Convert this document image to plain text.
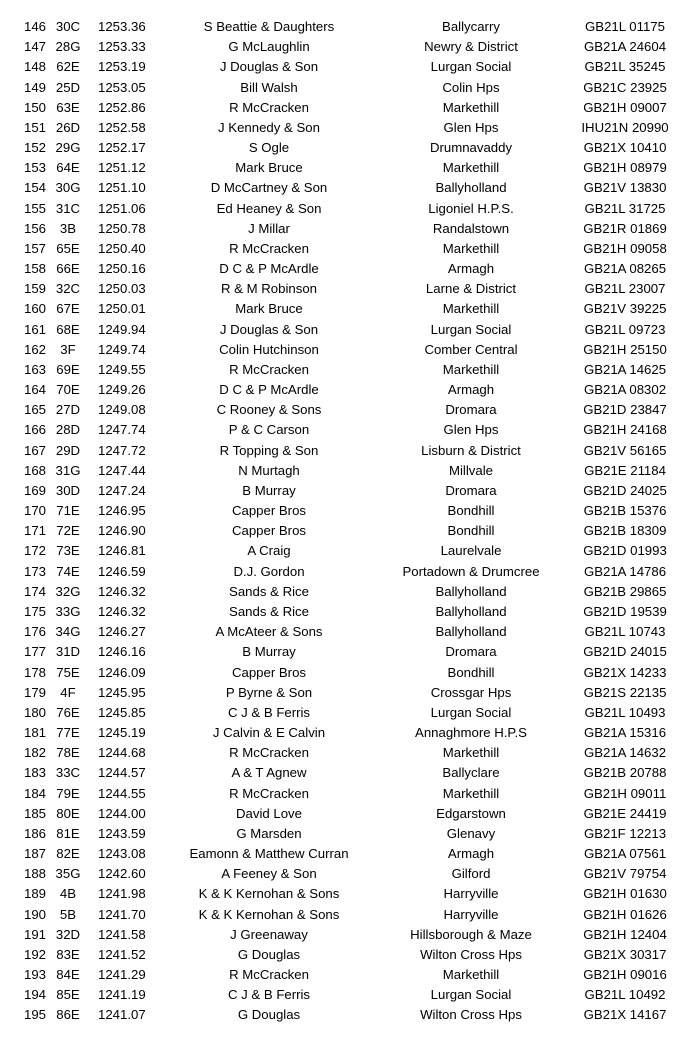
146 30C	1253.36	S Beattie & Daughters	Ballycarry	GB21L 01175
147 28G	1253.33	G McLaughlin	Newry & District	GB21A 24604
148 62E	1253.19	J Douglas & Son	Lurgan Social	GB21L 35245
149 25D	1253.05	Bill Walsh	Colin Hps	GB21C 23925
150 63E	1252.86	R McCracken	Markethill	GB21H 09007
151 26D	1252.58	J Kennedy & Son	Glen Hps	IHU21N 20990
152 29G	1252.17	S Ogle	Drumnavaddy	GB21X 10410
153 64E	1251.12	Mark Bruce	Markethill	GB21H 08979
154 30G	1251.10	D McCartney & Son	Ballyholland	GB21V 13830
155 31C	1251.06	Ed Heaney & Son	Ligoniel H.P.S.	GB21L 31725
156	3B	1250.78	J Millar	Randalstown	GB21R 01869
157 65E	1250.40	R McCracken	Markethill	GB21H 09058
158 66E	1250.16	D C & P McArdle	Armagh	GB21A 08265
159 32C	1250.03	R & M Robinson	Larne & District	GB21L 23007
160 67E	1250.01	Mark Bruce	Markethill	GB21V 39225
161 68E	1249.94	J Douglas & Son	Lurgan Social	GB21L 09723
162	3F	1249.74	Colin Hutchinson	Comber Central	GB21H 25150
163 69E	1249.55	R McCracken	Markethill	GB21A 14625
164 70E	1249.26	D C & P McArdle	Armagh	GB21A 08302
165 27D	1249.08	C Rooney & Sons	Dromara	GB21D 23847
166 28D	1247.74	P & C Carson	Glen Hps	GB21H 24168
167 29D	1247.72	R Topping & Son	Lisburn & District	GB21V 56165
168 31G	1247.44	N Murtagh	Millvale	GB21E 21184
169 30D	1247.24	B Murray	Dromara	GB21D 24025
170 71E	1246.95	Capper Bros	Bondhill	GB21B 15376
171 72E	1246.90	Capper Bros	Bondhill	GB21B 18309
172 73E	1246.81	A Craig	Laurelvale	GB21D 01993
173 74E	1246.59	D.J. Gordon	Portadown & Drumcree	GB21A 14786
174 32G	1246.32	Sands & Rice	Ballyholland	GB21B 29865
175 33G	1246.32	Sands & Rice	Ballyholland	GB21D 19539
176 34G	1246.27	A McAteer & Sons	Ballyholland	GB21L 10743
177 31D	1246.16	B Murray	Dromara	GB21D 24015
178 75E	1246.09	Capper Bros	Bondhill	GB21X 14233
179	4F	1245.95	P Byrne & Son	Crossgar Hps	GB21S 22135
180 76E	1245.85	C J & B Ferris	Lurgan Social	GB21L 10493
181 77E	1245.19	J Calvin & E Calvin	Annaghmore H.P.S	GB21A 15316
182 78E	1244.68	R McCracken	Markethill	GB21A 14632
183 33C	1244.57	A & T Agnew	Ballyclare	GB21B 20788
184 79E	1244.55	R McCracken	Markethill	GB21H 09011
185 80E	1244.00	David Love	Edgarstown	GB21E 24419
186 81E	1243.59	G Marsden	Glenavy	GB21F 12213
187 82E	1243.08	Eamonn & Matthew Curran	Armagh	GB21A 07561
188 35G	1242.60	A Feeney & Son	Gilford	GB21V 79754
189	4B	1241.98	K & K Kernohan & Sons	Harryville	GB21H 01630
190	5B	1241.70	K & K Kernohan & Sons	Harryville	GB21H 01626
191 32D	1241.58	J Greenaway	Hillsborough & Maze	GB21H 12404
192 83E	1241.52	G Douglas	Wilton Cross Hps	GB21X 30317
193 84E	1241.29	R McCracken	Markethill	GB21H 09016
194 85E	1241.19	C J & B Ferris	Lurgan Social	GB21L 10492
195 86E	1241.07	G Douglas	Wilton Cross Hps	GB21X 14167
